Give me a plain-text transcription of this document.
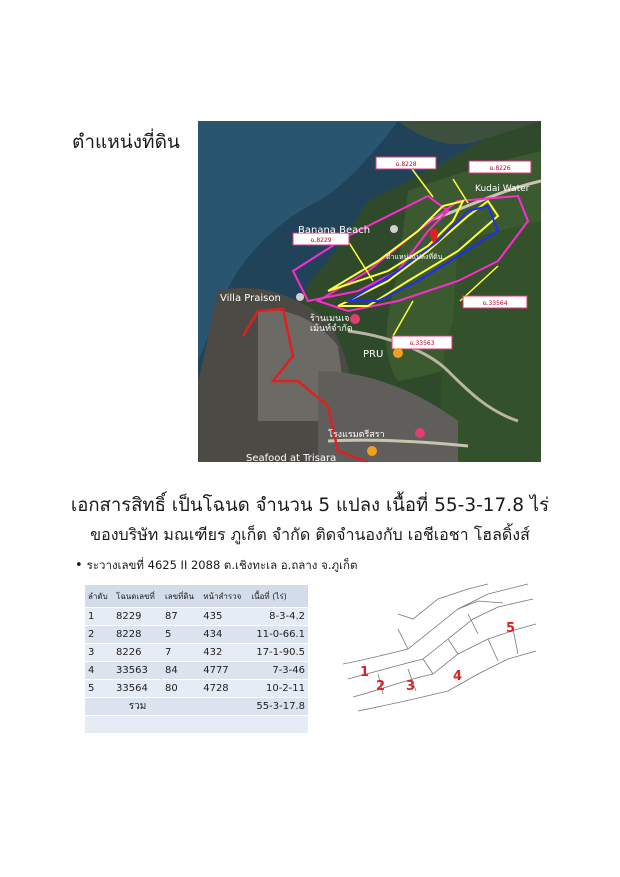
ตำแหน่งที่ดิน
ฉ.8228
ฉ.8226
ฉ.8229
ฉ.33564
ฉ.33563
Banana Beach
Villa Praison
PRU
Seafood at Trisara
Kudai Water
ร้านเมนเจ
เม้นท์จำกัด
โรงแรมตรีสรา
ตำแหน่งแปลงที่ดิน
เอกสารสิทธิ์ เป็นโฉนด จำนวน 5 แปลง เนื้อที่ 55-3-17.8 ไร่
ของบริษัท มณเฑียร ภูเก็ต จำกัด ติดจำนองกับ เอชีเอชา โฮลดิ้งส์
• ระวางเลขที่ 4625 II 2088 ต.เชิงทะเล อ.ถลาง จ.ภูเก็ต
ลำดับ	โฉนดเลขที่	เลขที่ดิน	หน้าสำรวจ	เนื้อที่ (ไร่)
1	8229	87	435	8-3-4.2
2	8228	5	434	11-0-66.1
3	8226	7	432	17-1-90.5
4	33563	84	4777	7-3-46
5	33564	80	4728	10-2-11
	รวม			55-3-17.8

1
2 3
4
5
